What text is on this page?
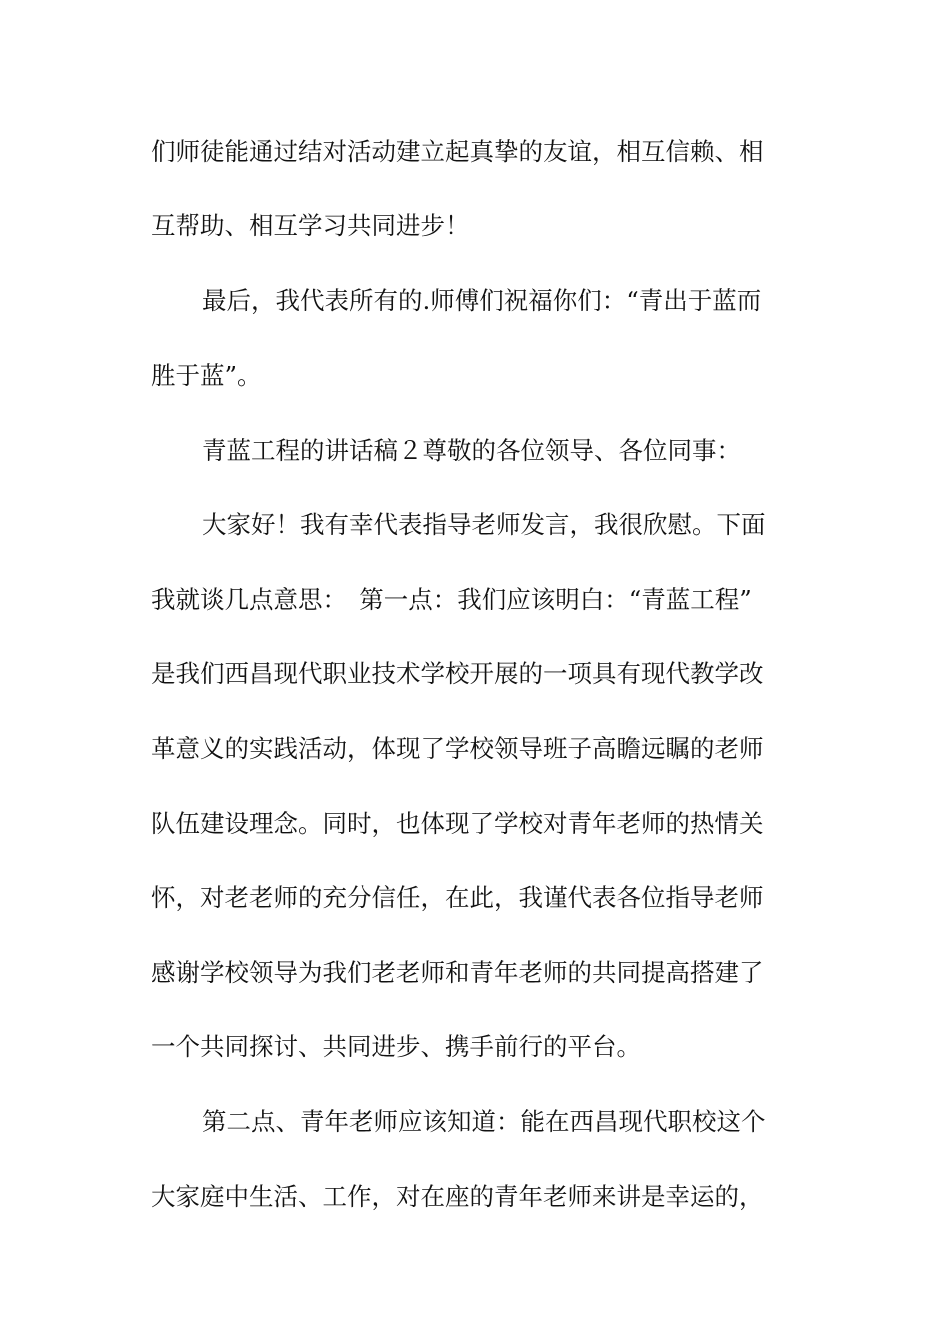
们师徒能通过结对活动建立起真挚的友谊，相互信赖、相
互帮助、相互学习共同进步！
最后，我代表所有的.师傅们祝福你们：“青出于蓝而
胜于蓝”。
青蓝工程的讲话稿２尊敬的各位领导、各位同事：
大家好！我有幸代表指导老师发言，我很欣慰。下面
我就谈几点意思：　第一点：我们应该明白：“青蓝工程”
是我们西昌现代职业技术学校开展的一项具有现代教学改
革意义的实践活动，体现了学校领导班子高瞻远瞩的老师
队伍建设理念。同时，也体现了学校对青年老师的热情关
怀，对老老师的充分信任，在此，我谨代表各位指导老师
感谢学校领导为我们老老师和青年老师的共同提高搭建了
一个共同探讨、共同进步、携手前行的平台。
第二点、青年老师应该知道：能在西昌现代职校这个
大家庭中生活、工作，对在座的青年老师来讲是幸运的，
